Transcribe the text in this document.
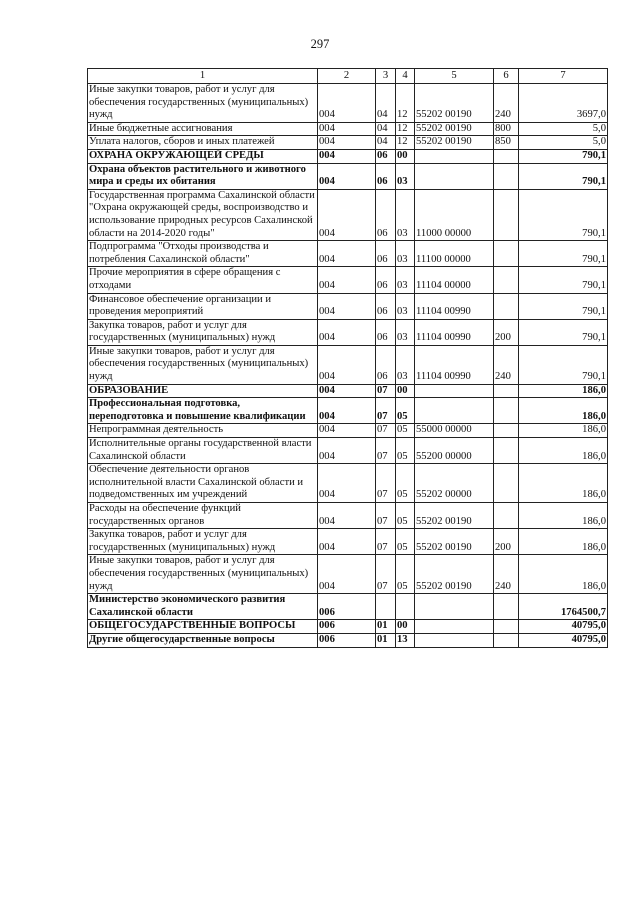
297
1	2	3	4	5	6	7
Иные закупки товаров, работ и услуг для обеспечения государственных (муниципальных) нужд	004	04	12	55202 00190	240	3697,0
Иные бюджетные ассигнования	004	04	12	55202 00190	800	5,0
Уплата налогов, сборов и иных платежей	004	04	12	55202 00190	850	5,0
ОХРАНА ОКРУЖАЮЩЕЙ СРЕДЫ	004	06	00			790,1
Охрана объектов растительного и животного мира и среды их обитания	004	06	03			790,1
Государственная программа Сахалинской области "Охрана окружающей среды, воспроизводство и использование природных ресурсов Сахалинской области на 2014-2020 годы"	004	06	03	11000 00000		790,1
Подпрограмма "Отходы производства и потребления Сахалинской области"	004	06	03	11100 00000		790,1
Прочие мероприятия в сфере обращения с отходами	004	06	03	11104 00000		790,1
Финансовое обеспечение организации и проведения мероприятий	004	06	03	11104 00990		790,1
Закупка товаров, работ и услуг для государственных (муниципальных) нужд	004	06	03	11104 00990	200	790,1
Иные закупки товаров, работ и услуг для обеспечения государственных (муниципальных) нужд	004	06	03	11104 00990	240	790,1
ОБРАЗОВАНИЕ	004	07	00			186,0
Профессиональная подготовка, переподготовка и повышение квалификации	004	07	05			186,0
Непрограммная деятельность	004	07	05	55000 00000		186,0
Исполнительные органы государственной власти Сахалинской области	004	07	05	55200 00000		186,0
Обеспечение деятельности органов исполнительной власти Сахалинской области и подведомственных им учреждений	004	07	05	55202 00000		186,0
Расходы на обеспечение функций государственных органов	004	07	05	55202 00190		186,0
Закупка товаров, работ и услуг для государственных (муниципальных) нужд	004	07	05	55202 00190	200	186,0
Иные закупки товаров, работ и услуг для обеспечения государственных (муниципальных) нужд	004	07	05	55202 00190	240	186,0
Министерство экономического развития Сахалинской области	006					1764500,7
ОБЩЕГОСУДАРСТВЕННЫЕ ВОПРОСЫ	006	01	00			40795,0
Другие общегосударственные вопросы	006	01	13			40795,0
